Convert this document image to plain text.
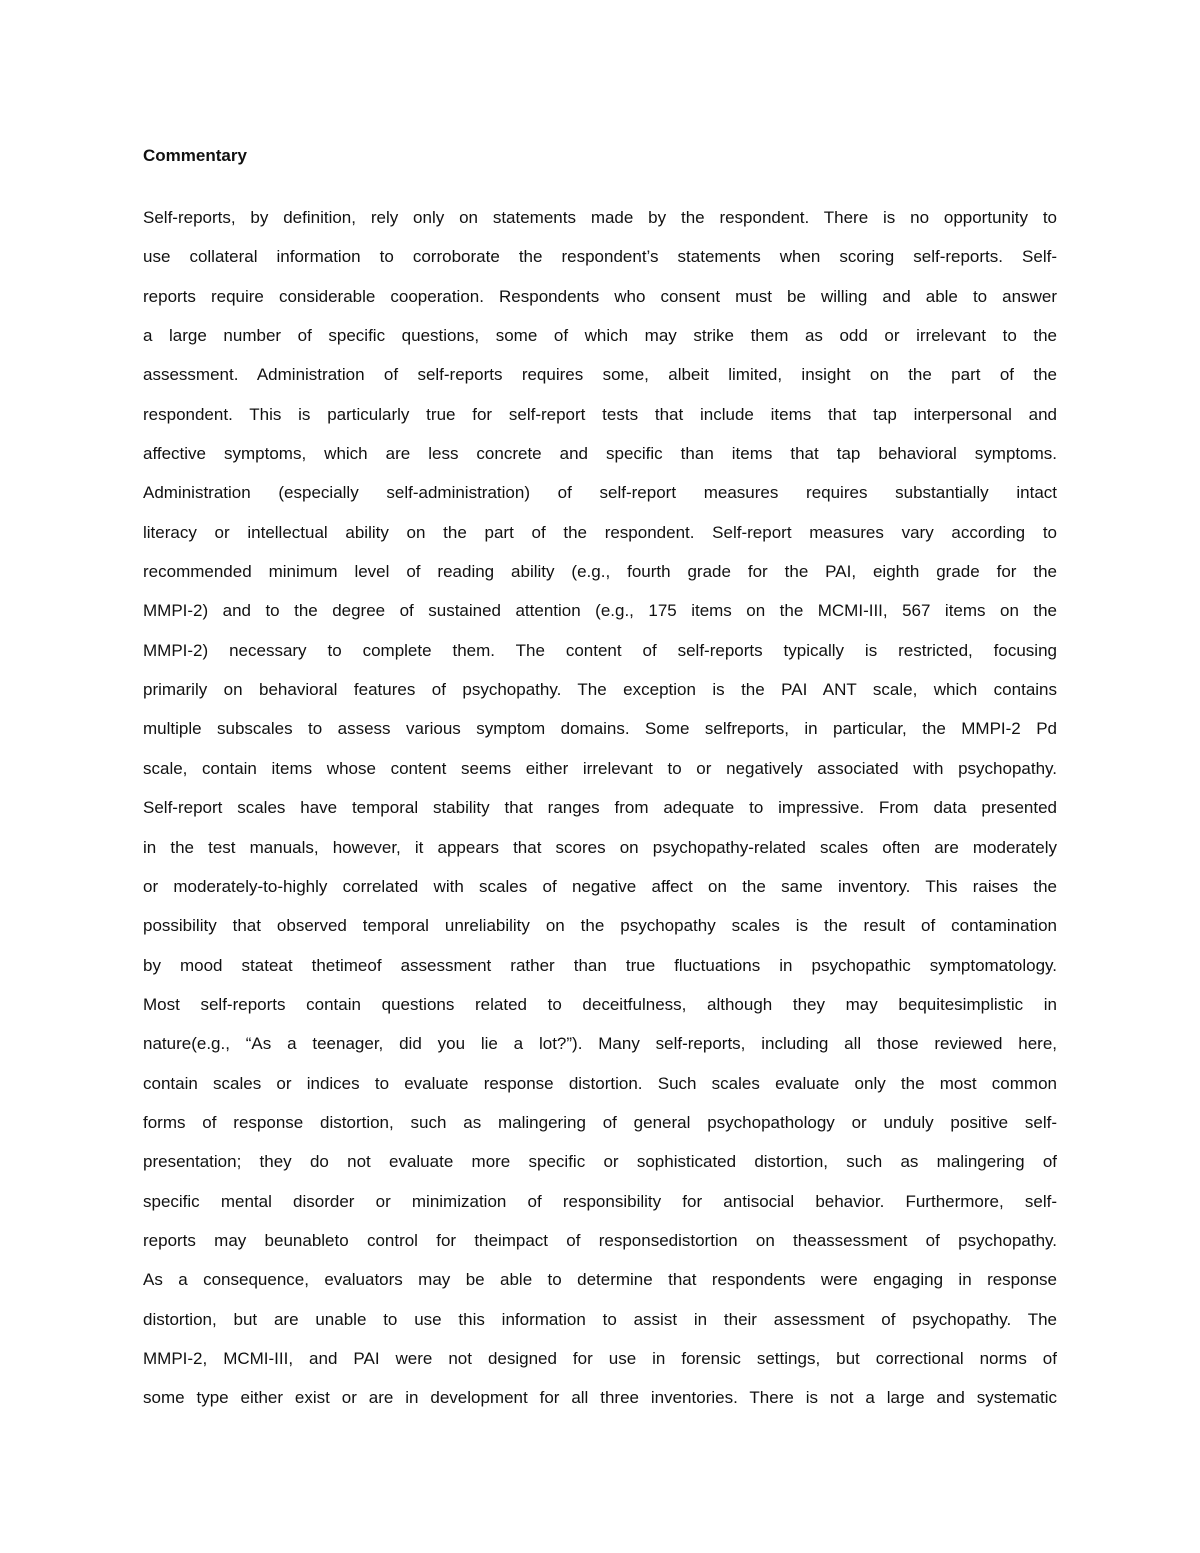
Commentary
Self-reports, by definition, rely only on statements made by the respondent. There is no opportunity to
use collateral information to corroborate the respondent’s statements when scoring self-reports. Self-
reports require considerable cooperation. Respondents who consent must be willing and able to answer
a large number of specific questions, some of which may strike them as odd or irrelevant to the
assessment. Administration of self-reports requires some, albeit limited, insight on the part of the
respondent. This is particularly true for self-report tests that include items that tap interpersonal and
affective symptoms, which are less concrete and specific than items that tap behavioral symptoms.
Administration (especially self-administration) of self-report measures requires substantially intact
literacy or intellectual ability on the part of the respondent. Self-report measures vary according to
recommended minimum level of reading ability (e.g., fourth grade for the PAI, eighth grade for the
MMPI-2) and to the degree of sustained attention (e.g., 175 items on the MCMI-III, 567 items on the
MMPI-2) necessary to complete them. The content of self-reports typically is restricted, focusing
primarily on behavioral features of psychopathy. The exception is the PAI ANT scale, which contains
multiple subscales to assess various symptom domains. Some selfreports, in particular, the MMPI-2 Pd
scale, contain items whose content seems either irrelevant to or negatively associated with psychopathy.
Self-report scales have temporal stability that ranges from adequate to impressive. From data presented
in the test manuals, however, it appears that scores on psychopathy-related scales often are moderately
or moderately-to-highly correlated with scales of negative affect on the same inventory. This raises the
possibility that observed temporal unreliability on the psychopathy scales is the result of contamination
by mood stateat thetimeof assessment rather than true fluctuations in psychopathic symptomatology.
Most self-reports contain questions related to deceitfulness, although they may bequitesimplistic in
nature(e.g., “As a teenager, did you lie a lot?”). Many self-reports, including all those reviewed here,
contain scales or indices to evaluate response distortion. Such scales evaluate only the most common
forms of response distortion, such as malingering of general psychopathology or unduly positive self-
presentation; they do not evaluate more specific or sophisticated distortion, such as malingering of
specific mental disorder or minimization of responsibility for antisocial behavior. Furthermore, self-
reports may beunableto control for theimpact of responsedistortion on theassessment of psychopathy.
As a consequence, evaluators may be able to determine that respondents were engaging in response
distortion, but are unable to use this information to assist in their assessment of psychopathy. The
MMPI-2, MCMI-III, and PAI were not designed for use in forensic settings, but correctional norms of
some type either exist or are in development for all three inventories. There is not a large and systematic
